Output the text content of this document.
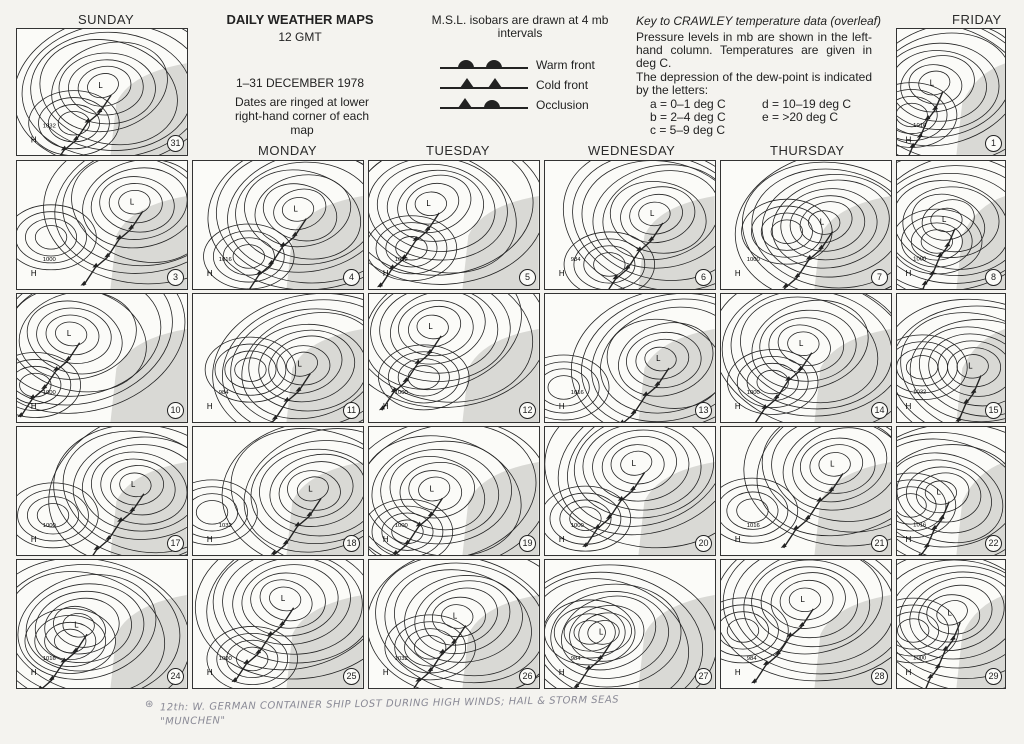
SUNDAY
MONDAY	TUESDAY	WEDNESDAY	THURSDAY
FRIDAY
DAILY WEATHER MAPS
12 GMT
1–31 DECEMBER 1978
Dates are ringed at lower right-hand corner of each map
M.S.L. isobars are drawn at 4 mb intervals
Warm front
Cold front
Occlusion
Key to CRAWLEY temperature data (overleaf)
Pressure levels in mb are shown in the left-hand column. Temperatures are given in deg C.
The depression of the dew-point is indicated by the letters:
a = 0–1 deg C
b = 2–4 deg C
c = 5–9 deg C
d = 10–19 deg C
e = >20 deg C
L
1032
H	31
L
1016
H	1
L
1000
H	3
L
1016
H	4
L
1032
H	5
L
984
H	6
L
1000
H	7
L
1000
H	8
L
1000
H	10
L
984
H	11
L
1000
H	12
L
1016
H	13
L
1000
H	14
L
1032
H	15
L
1000
H	17
L
1032
H	18
L
1000
H	19
L
1000
H	20
L
1016
H	21
L
1016
H	22
L
1016
H	24
L
1000
H	25
L
1032
H	26
L
984
H	27
L
984
H	28
L
1000
H	29
⊛ 12th: W. GERMAN CONTAINER SHIP LOST DURING HIGH WINDS; HAIL & STORM SEAS "MUNCHEN"
